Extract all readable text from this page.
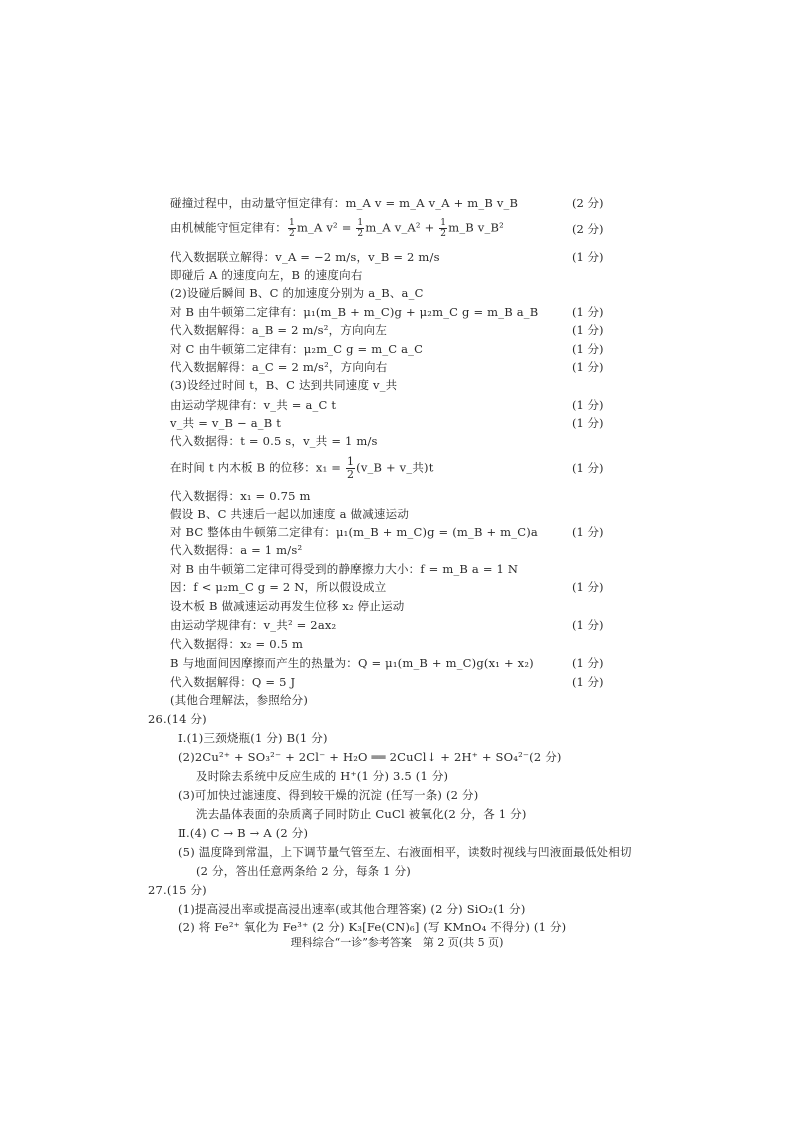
碰撞过程中，由动量守恒定律有：m_A v = m_A v_A + m_B v_B	(2 分)
由机械能守恒定律有： $\frac{1}{2}$ m_A $v^2 = \frac{1}{2}$ m_A v_A² + $\frac{1}{2}$ m_B v_B²	(2 分)
代入数据联立解得：v_A = −2 m/s，v_B = 2 m/s	(1 分)
即碰后 A 的速度向左，B 的速度向右
(2)设碰后瞬间 B、C 的加速度分别为 a_B、a_C
对 B 由牛顿第二定律有：μ₁(m_B + m_C)g + μ₂m_C g = m_B a_B	(1 分)
代入数据解得：a_B = 2 m/s²，方向向左	(1 分)
对 C 由牛顿第二定律有：μ₂m_C g = m_C a_C	(1 分)
代入数据解得：a_C = 2 m/s²，方向向右	(1 分)
(3)设经过时间 t，B、C 达到共同速度 v_共
由运动学规律有：v_共 = a_C t	(1 分)
v_共 = v_B − a_B t	(1 分)
代入数据得：t = 0.5 s，v_共 = 1 m/s
在时间 t 内木板 B 的位移：$x_1 = \frac{1}{2}$ (v_B + v_共)t	(1 分)
代入数据得：x₁ = 0.75 m
假设 B、C 共速后一起以加速度 a 做减速运动
对 BC 整体由牛顿第二定律有：μ₁(m_B + m_C)g = (m_B + m_C)a	(1 分)
代入数据得：a = 1 m/s²
对 B 由牛顿第二定律可得受到的静摩擦力大小：f = m_B a = 1 N
因：f < μ₂m_C g = 2 N，所以假设成立	(1 分)
设木板 B 做减速运动再发生位移 x₂ 停止运动
由运动学规律有：v_共² = 2ax₂	(1 分)
代入数据得：x₂ = 0.5 m
B 与地面间因摩擦而产生的热量为：Q = μ₁(m_B + m_C)g(x₁ + x₂)	(1 分)
代入数据解得：Q = 5 J	(1 分)
(其他合理解法，参照给分)
26.(14 分)
Ⅰ.(1)三颈烧瓶(1 分) B(1 分)
(2)2Cu²⁺ + SO₃²⁻ + 2Cl⁻ + H₂O ══ 2CuCl↓ + 2H⁺ + SO₄²⁻(2 分)
及时除去系统中反应生成的 H⁺(1 分) 3.5 (1 分)
(3)可加快过滤速度、得到较干燥的沉淀 (任写一条) (2 分)
洗去晶体表面的杂质离子同时防止 CuCl 被氧化(2 分，各 1 分)
Ⅱ.(4) C → B → A (2 分)
(5) 温度降到常温，上下调节量气管至左、右液面相平，读数时视线与凹液面最低处相切
(2 分，答出任意两条给 2 分，每条 1 分)
27.(15 分)
(1)提高浸出率或提高浸出速率(或其他合理答案) (2 分) SiO₂(1 分)
(2) 将 Fe²⁺ 氧化为 Fe³⁺ (2 分) K₃[Fe(CN)₆] (写 KMnO₄ 不得分) (1 分)
理科综合“一诊”参考答案　第 2 页(共 5 页)
